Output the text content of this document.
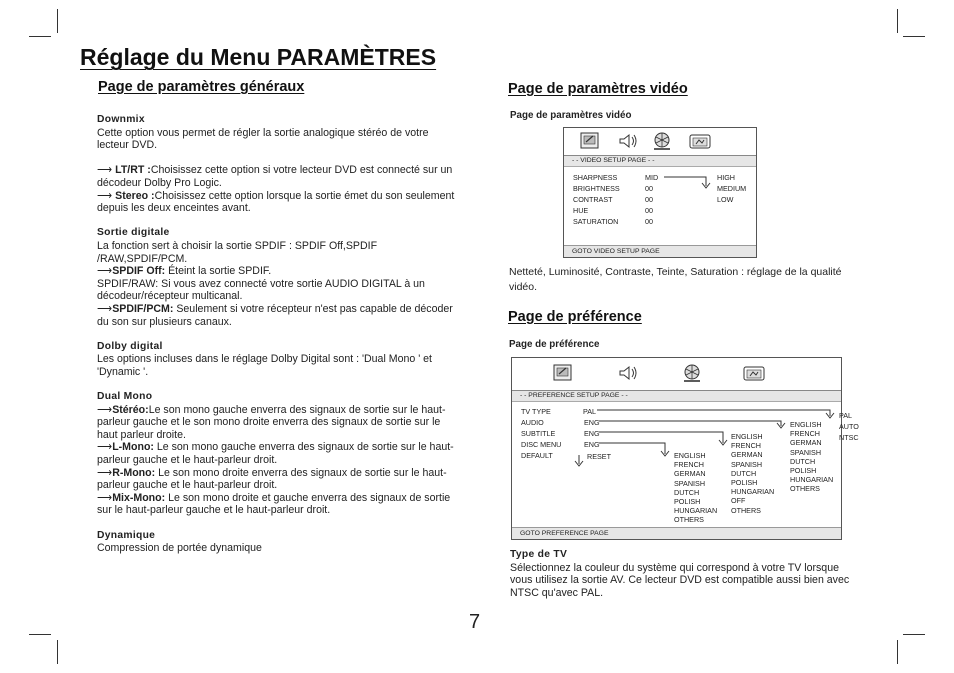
Réglage du Menu PARAMÈTRES
Page de paramètres généraux

Downmix

Cette option vous permet de régler la sortie analogique stéréo de votre lecteur DVD.

⟶ LT/RT :Choisissez cette option si votre lecteur DVD est connecté sur un décodeur Dolby Pro Logic.

⟶ Stereo :Choisissez cette option lorsque la sortie émet du son seulement depuis les deux enceintes avant.

Sortie digitale

La fonction sert à choisir la sortie SPDIF : SPDIF Off,SPDIF /RAW,SPDIF/PCM.

⟶SPDIF Off: Éteint la sortie SPDIF.

SPDIF/RAW: Si vous avez connecté votre sortie AUDIO DIGITAL à un décodeur/récepteur multicanal.

⟶SPDIF/PCM: Seulement si votre récepteur n'est pas capable de décoder du son sur plusieurs canaux.

Dolby digital

Les options incluses dans le réglage Dolby Digital sont : 'Dual Mono ' et 'Dynamic '.

Dual Mono

⟶Stéréo:Le son mono gauche enverra des signaux de sortie sur le haut-parleur gauche et le son mono droite enverra des signaux de sortie sur le haut parleur droite.

⟶L-Mono: Le son mono gauche enverra des signaux de sortie sur le haut-parleur gauche et le haut-parleur droit.

⟶R-Mono: Le son mono droite enverra des signaux de sortie sur le haut-parleur gauche et le haut-parleur droit.

⟶Mix-Mono: Le son mono droite et gauche enverra des signaux de sortie sur le haut-parleur gauche et le haut-parleur droit.

Dynamique

Compression de portée dynamique

Page de paramètres vidéo
Page de paramètres vidéo
- - VIDEO SETUP PAGE - -
SHARPNESS
BRIGHTNESS
CONTRAST
HUE
SATURATION
MID
00
00
00
00
HIGH
MEDIUM
LOW
GOTO VIDEO SETUP PAGE
Netteté, Luminosité, Contraste, Teinte, Saturation : réglage de la qualité vidéo.
Page de préférence
Page de préférence
- - PREFERENCE SETUP PAGE - -
TV TYPE
AUDIO
SUBTITLE
DISC MENU
DEFAULT
PAL
ENG
ENG
ENG
RESET	ENGLISH
FRENCH
GERMAN
SPANISH
DUTCH
POLISH
HUNGARIAN
OTHERS
ENGLISH
FRENCH
GERMAN
SPANISH
DUTCH
POLISH
HUNGARIAN
OFF
OTHERS
ENGLISH
FRENCH
GERMAN
SPANISH
DUTCH
POLISH
HUNGARIAN
OTHERS
PAL
AUTO
NTSC
GOTO PREFERENCE PAGE

Type de TV

Sélectionnez la couleur du système qui correspond à votre TV lorsque vous utilisez la sortie AV. Ce lecteur DVD est compatible aussi bien avec NTSC qu'avec PAL.

7
